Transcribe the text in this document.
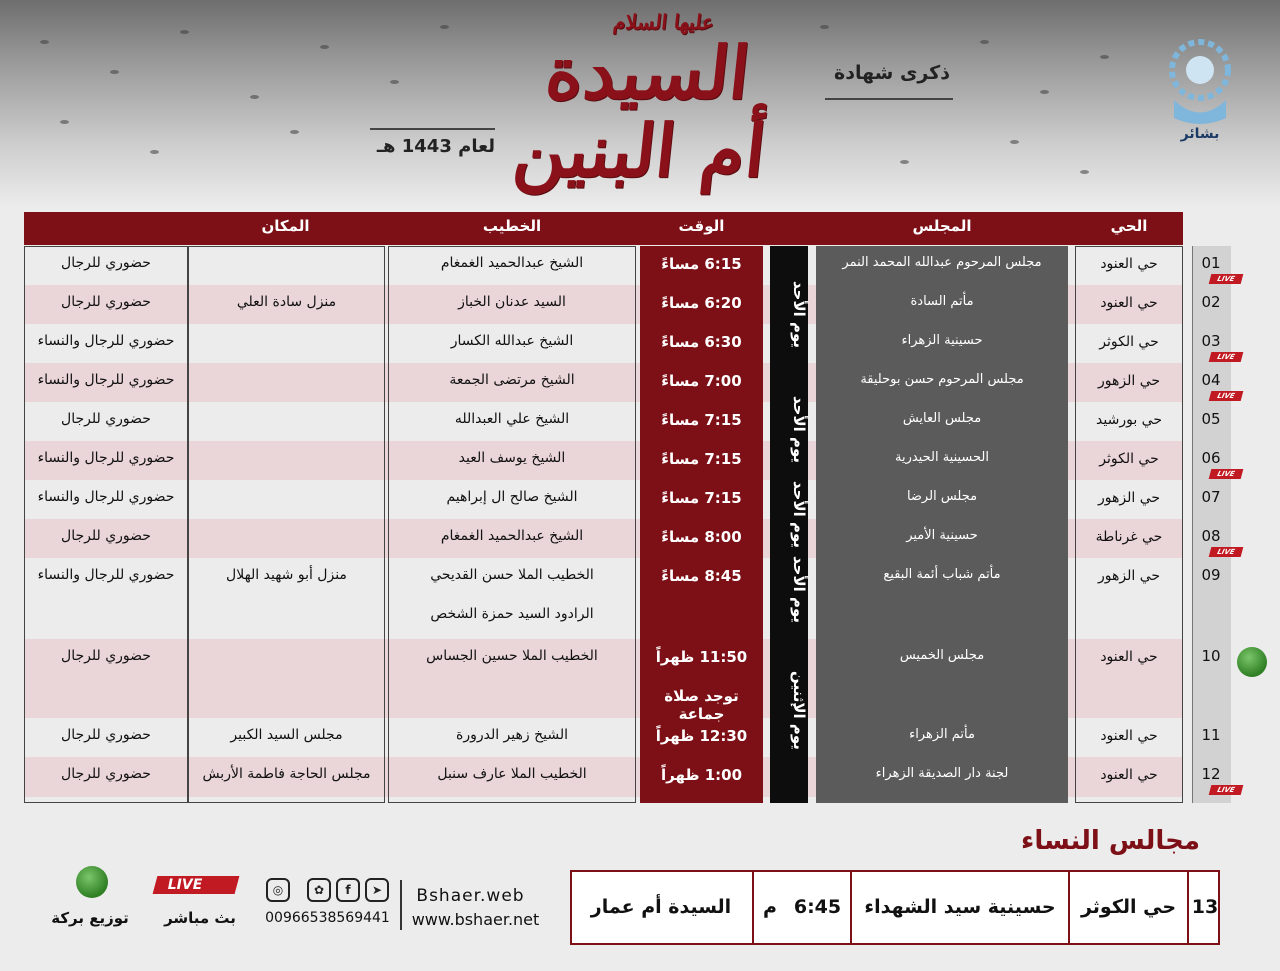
عليها السلام
السيدة أم البنين
ذكرى شهادة
لعام 1443 هـ
بشائر
الحي
المجلس
الوقت
الخطيب
المكان
يوم الأحد
يوم الأحد
يوم الأحد
يوم الأحد
يوم الإثنين
01
حي العنود
مجلس المرحوم عبدالله المحمد النمر
6:15 مساءً
الشيخ عبدالحميد الغمغام
حضوري للرجال
LIVE
02
حي العنود
مأتم السادة
6:20 مساءً
السيد عدنان الخباز
منزل سادة العلي
حضوري للرجال
03
حي الكوثر
حسينية الزهراء
6:30 مساءً
الشيخ عبدالله الكسار
حضوري للرجال والنساء
LIVE
04
حي الزهور
مجلس المرحوم حسن بوحليقة
7:00 مساءً
الشيخ مرتضى الجمعة
حضوري للرجال والنساء
LIVE
05
حي بورشيد
مجلس العايش
7:15 مساءً
الشيخ علي العبدالله
حضوري للرجال
06
حي الكوثر
الحسينية الحيدرية
7:15 مساءً
الشيخ يوسف العيد
حضوري للرجال والنساء
LIVE
07
حي الزهور
مجلس الرضا
7:15 مساءً
الشيخ صالح ال إبراهيم
حضوري للرجال والنساء
08
حي غرناطة
حسينية الأمير
8:00 مساءً
الشيخ عبدالحميد الغمغام
حضوري للرجال
LIVE
09
حي الزهور
مأتم شباب أئمة البقيع
8:45 مساءً
الخطيب الملا حسن القديحي
الرادود السيد حمزة الشخص
منزل أبو شهيد الهلال
حضوري للرجال والنساء
10
حي العنود
مجلس الخميس
11:50 ظهراً
توجد صلاة جماعة
الخطيب الملا حسين الجساس
حضوري للرجال
11
حي العنود
مأتم الزهراء
12:30 ظهراً
الشيخ زهير الدرورة
مجلس السيد الكبير
حضوري للرجال
12
حي العنود
لجنة دار الصديقة الزهراء
1:00 ظهراً
الخطيب الملا عارف سنبل
مجلس الحاجة فاطمة الأربش
حضوري للرجال
LIVE
مجالس النساء
13
حي الكوثر
حسينية سيد الشهداء
6:45
م
السيدة أم عمار
Bshaer.web
www.bshaer.net
➤
f
✿
◎
00966538569441
LIVE
بث مباشر
توزيع بركة
